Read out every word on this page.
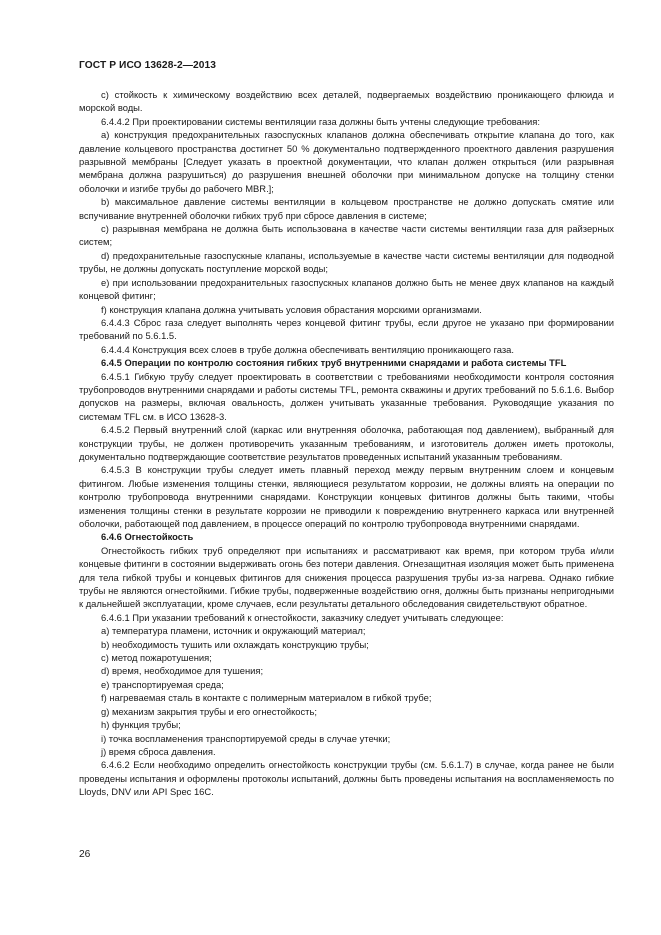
ГОСТ Р ИСО 13628-2—2013

c) стойкость к химическому воздействию всех деталей, подвергаемых воздействию проникающего флюида и морской воды.

6.4.4.2 При проектировании системы вентиляции газа должны быть учтены следующие требования:

a) конструкция предохранительных газоспускных клапанов должна обеспечивать открытие клапана до того, как давление кольцевого пространства достигнет 50 % документально подтвержденного проектного давления разрушения разрывной мембраны [Следует указать в проектной документации, что клапан должен открыться (или разрывная мембрана должна разрушиться) до разрушения внешней оболочки при минимальном допуске на толщину стенки оболочки и изгибе трубы до рабочего MBR.];

b) максимальное давление системы вентиляции в кольцевом пространстве не должно допускать смятие или вспучивание внутренней оболочки гибких труб при сбросе давления в системе;

c) разрывная мембрана не должна быть использована в качестве части системы вентиляции газа для райзерных систем;

d) предохранительные газоспускные клапаны, используемые в качестве части системы вентиляции для подводной трубы, не должны допускать поступление морской воды;

e) при использовании предохранительных газоспускных клапанов должно быть не менее двух клапанов на каждый концевой фитинг;

f) конструкция клапана должна учитывать условия обрастания морскими организмами.

6.4.4.3 Сброс газа следует выполнять через концевой фитинг трубы, если другое не указано при формировании требований по 5.6.1.5.

6.4.4.4 Конструкция всех слоев в трубе должна обеспечивать вентиляцию проникающего газа.

6.4.5 Операции по контролю состояния гибких труб внутренними снарядами и работа системы TFL

6.4.5.1 Гибкую трубу следует проектировать в соответствии с требованиями необходимости контроля состояния трубопроводов внутренними снарядами и работы системы TFL, ремонта скважины и других требований по 5.6.1.6. Выбор допусков на размеры, включая овальность, должен учитывать указанные требования. Руководящие указания по системам TFL см. в ИСО 13628-3.

6.4.5.2 Первый внутренний слой (каркас или внутренняя оболочка, работающая под давлением), выбранный для конструкции трубы, не должен противоречить указанным требованиям, и изготовитель должен иметь протоколы, документально подтверждающие соответствие результатов проведенных испытаний указанным требованиям.

6.4.5.3 В конструкции трубы следует иметь плавный переход между первым внутренним слоем и концевым фитингом. Любые изменения толщины стенки, являющиеся результатом коррозии, не должны влиять на операции по контролю трубопровода внутренними снарядами. Конструкции концевых фитингов должны быть такими, чтобы изменения толщины стенки в результате коррозии не приводили к повреждению внутреннего каркаса или внутренней оболочки, работающей под давлением, в процессе операций по контролю трубопровода внутренними снарядами.

6.4.6 Огнестойкость

Огнестойкость гибких труб определяют при испытаниях и рассматривают как время, при котором труба и/или концевые фитинги в состоянии выдерживать огонь без потери давления. Огнезащитная изоляция может быть применена для тела гибкой трубы и концевых фитингов для снижения процесса разрушения трубы из-за нагрева. Однако гибкие трубы не являются огнестойкими. Гибкие трубы, подверженные воздействию огня, должны быть признаны непригодными к дальнейшей эксплуатации, кроме случаев, если результаты детального обследования свидетельствуют обратное.

6.4.6.1 При указании требований к огнестойкости, заказчику следует учитывать следующее:

a) температура пламени, источник и окружающий материал;

b) необходимость тушить или охлаждать конструкцию трубы;

c) метод пожаротушения;

d) время, необходимое для тушения;

e) транспортируемая среда;

f) нагреваемая сталь в контакте с полимерным материалом в гибкой трубе;

g) механизм закрытия трубы и его огнестойкость;

h) функция трубы;

i) точка воспламенения транспортируемой среды в случае утечки;

j) время сброса давления.

6.4.6.2 Если необходимо определить огнестойкость конструкции трубы (см. 5.6.1.7) в случае, когда ранее не были проведены испытания и оформлены протоколы испытаний, должны быть проведены испытания на воспламеняемость по Lloyds, DNV или API Spec 16C.

26
